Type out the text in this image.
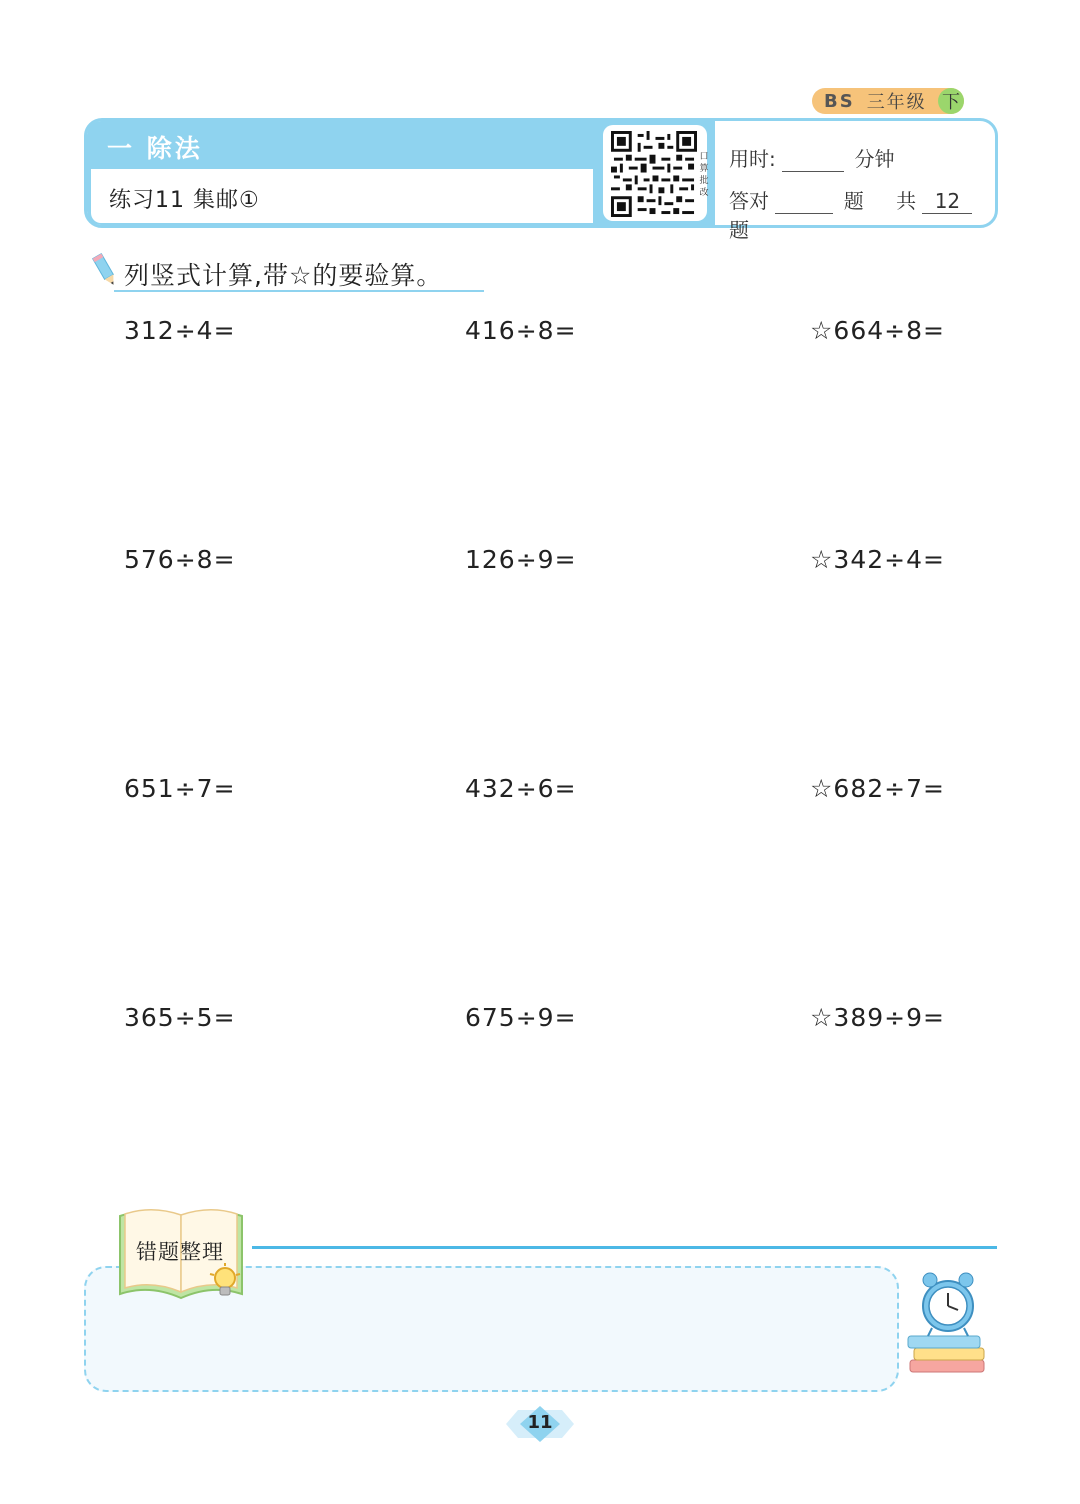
BS 三年级 下
一 除法
练习11 集邮①
口算批改
用时:	分钟
答对	题 共 12 题
列竖式计算,带☆的要验算。
312÷4=	416÷8=	☆664÷8=
576÷8=	126÷9=	☆342÷4=
651÷7=	432÷6=	☆682÷7=
365÷5=	675÷9=	☆389÷9=
错题整理
11
